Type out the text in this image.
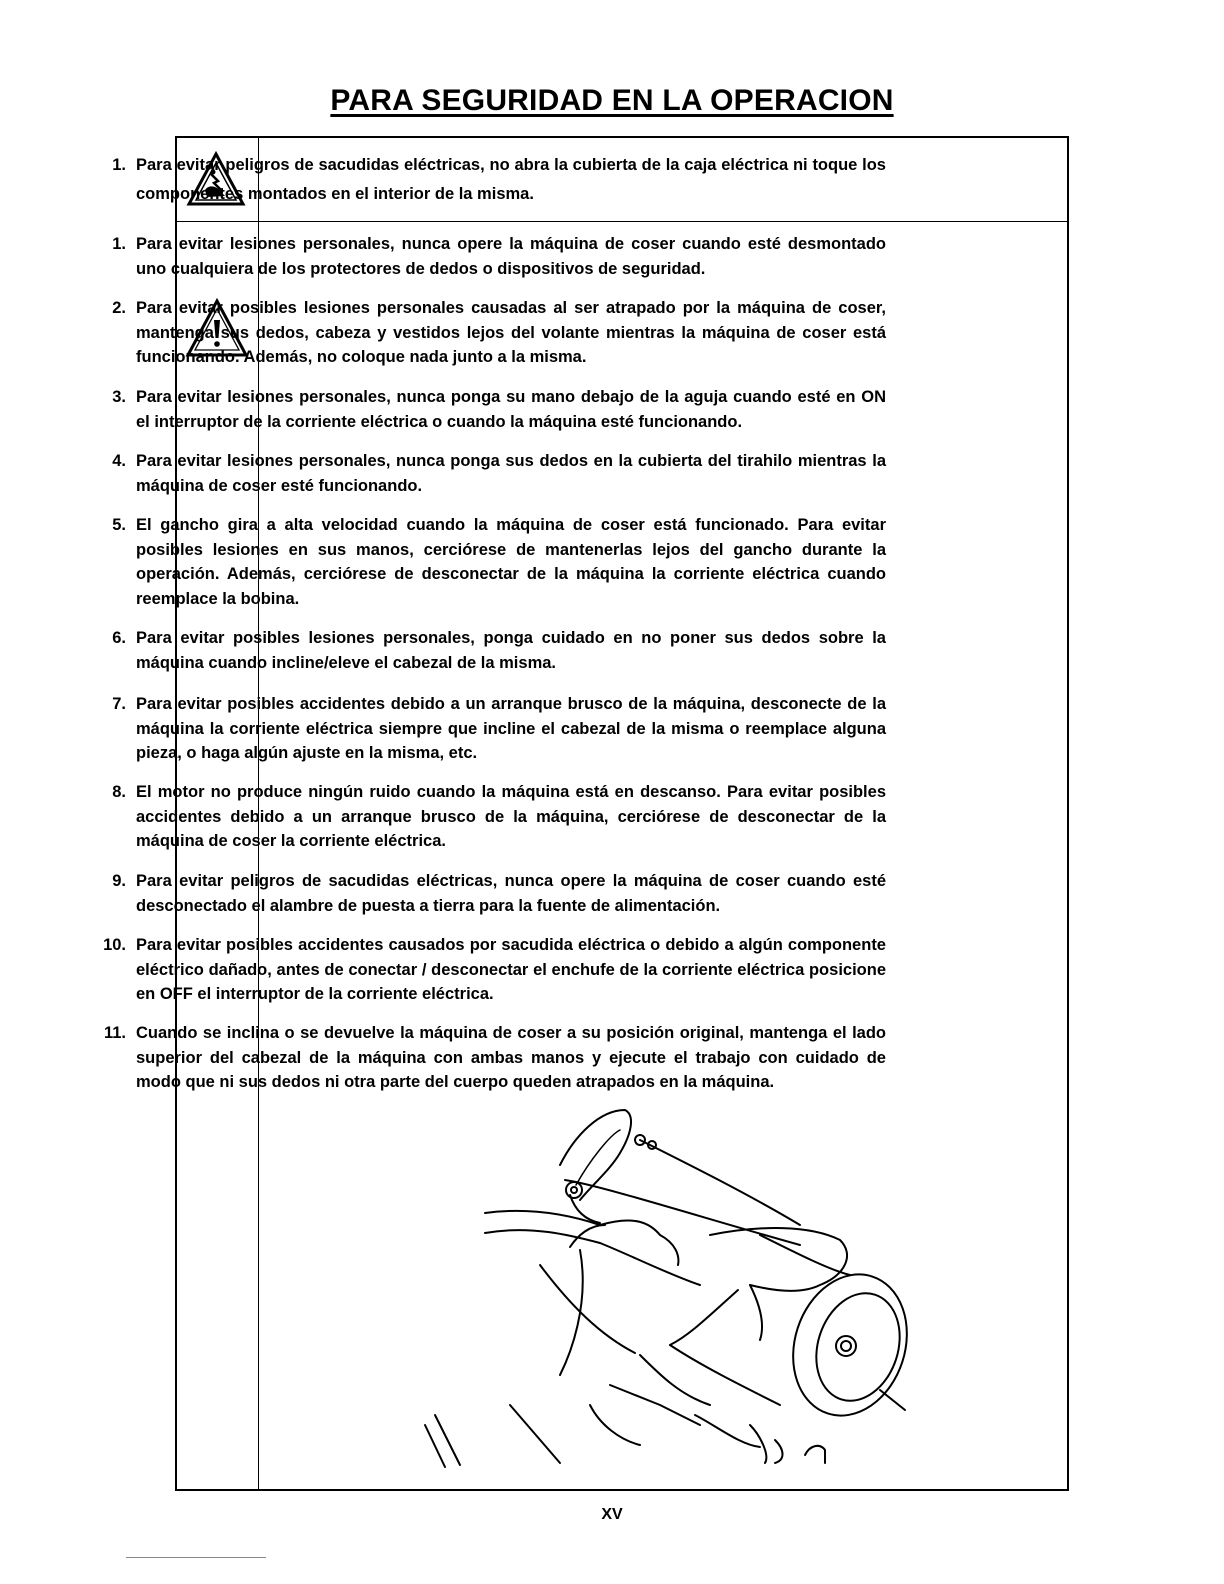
PARA SEGURIDAD EN LA OPERACION
1. Para evitar peligros de sacudidas eléctricas, no abra la cubierta de la caja eléctrica ni toque los componentes montados en el interior de la misma.
1. Para evitar lesiones personales, nunca opere la máquina de coser cuando esté desmontado uno cualquiera de los protectores de dedos o dispositivos de seguridad.
2. Para evitar posibles lesiones personales causadas al ser atrapado por la máquina de coser, mantenga sus dedos, cabeza y vestidos lejos del volante mientras la máquina de coser está funcionando. Además, no coloque nada junto a la misma.
3. Para evitar lesiones personales, nunca ponga su mano debajo de la aguja cuando esté en ON el interruptor de la corriente eléctrica o cuando la máquina esté funcionando.
4. Para evitar lesiones personales, nunca ponga sus dedos en la cubierta del tirahilo mientras la máquina de coser esté funcionando.
5. El gancho gira a alta velocidad cuando la máquina de coser está funcionado. Para evitar posibles lesiones en sus manos, cerciórese de mantenerlas lejos del gancho durante la operación. Además, cerciórese de desconectar de la máquina la corriente eléctrica cuando reemplace la bobina.
6. Para evitar posibles lesiones personales, ponga cuidado en no poner sus dedos sobre la máquina cuando incline/eleve el cabezal de la misma.
7. Para evitar posibles accidentes debido a un arranque brusco de la máquina, desconecte de la máquina la corriente eléctrica siempre que incline el cabezal de la misma o reemplace alguna pieza, o haga algún ajuste en la misma, etc.
8. El motor no produce ningún ruido cuando la máquina está en descanso. Para evitar posibles accidentes debido a un arranque brusco de la máquina, cerciórese de desconectar de la máquina de coser la corriente eléctrica.
9. Para evitar peligros de sacudidas eléctricas, nunca opere la máquina de coser cuando esté desconectado el alambre de puesta a tierra para la fuente de alimentación.
10. Para evitar posibles accidentes causados por sacudida eléctrica o debido a algún componente eléctrico dañado, antes de conectar / desconectar el enchufe de la corriente eléctrica posicione en OFF el interruptor de la corriente eléctrica.
11. Cuando se inclina o se devuelve la máquina de coser a su posición original, mantenga el lado superior del cabezal de la máquina con ambas manos y ejecute el trabajo con cuidado de modo que ni sus dedos ni otra parte del cuerpo queden atrapados en la máquina.
XV
